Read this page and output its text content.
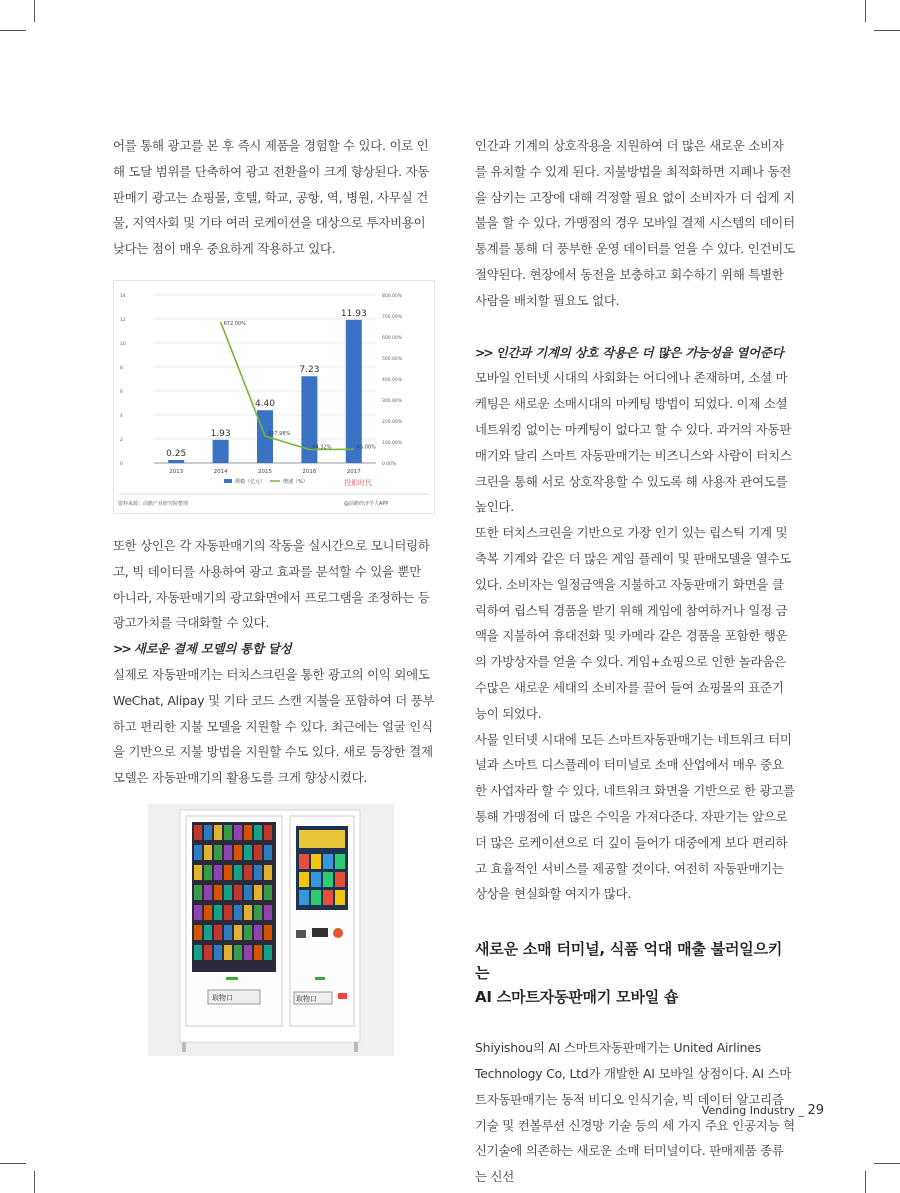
어를 통해 광고를 본 후 즉시 제품을 경험할 수 있다. 이로 인해 도달 범위를 단축하여 광고 전환율이 크게 향상된다. 자동판매기 광고는 쇼핑몰, 호텔, 학교, 공항, 역, 병원, 사무실 건물, 지역사회 및 기타 여러 로케이션을 대상으로 투자비용이 낮다는 점이 매우 중요하게 작용하고 있다.

0
2
4
6
8
10
12
14
0.00%
100.00%
200.00%
300.00%
400.00%
500.00%
600.00%
700.00%
800.00%
0.25
2013
1.93
2014
4.40
2015
7.23
2016
11.93
2017
672.00%
127.98%
64.32%	65.00%
规模（亿元）	增速（%）	投影时代
资料来源：前瞻产业研究院整理	@前瞻经济学人APP

또한 상인은 각 자동판매기의 작동을 실시간으로 모니터링하고, 빅 데이터를 사용하여 광고 효과를 분석할 수 있을 뿐만 아니라, 자동판매기의 광고화면에서 프로그램을 조정하는 등 광고가치를 극대화할 수 있다.

>> 새로운 결제 모델의 통합 달성

실제로 자동판매기는 터치스크린을 통한 광고의 이익 외에도 WeChat, Alipay 및 기타 코드 스캔 지불을 포함하여 더 풍부하고 편리한 지불 모델을 지원할 수 있다. 최근에는 얼굴 인식을 기반으로 지불 방법을 지원할 수도 있다. 새로 등장한 결제 모델은 자동판매기의 활용도를 크게 향상시켰다.

取物口	取物口

인간과 기계의 상호작용을 지원하여 더 많은 새로운 소비자를 유치할 수 있게 된다. 지불방법을 최적화하면 지폐나 동전을 삼키는 고장에 대해 걱정할 필요 없이 소비자가 더 쉽게 지불을 할 수 있다. 가맹점의 경우 모바일 결제 시스템의 데이터 통계를 통해 더 풍부한 운영 데이터를 얻을 수 있다. 인건비도 절약된다. 현장에서 동전을 보충하고 회수하기 위해 특별한 사람을 배치할 필요도 없다.

>> 인간과 기계의 상호 작용은 더 많은 가능성을 열어준다

모바일 인터넷 시대의 사회화는 어디에나 존재하며, 소셜 마케팅은 새로운 소매시대의 마케팅 방법이 되었다. 이제 소셜 네트워킹 없이는 마케팅이 없다고 할 수 있다. 과거의 자동판매기와 달리 스마트 자동판매기는 비즈니스와 사람이 터치스크린을 통해 서로 상호작용할 수 있도록 해 사용자 관여도를 높인다.

또한 터치스크린을 기반으로 가장 인기 있는 립스틱 기계 및 축복 기계와 같은 더 많은 게임 플레이 및 판매모델을 열수도 있다. 소비자는 일정금액을 지불하고 자동판매기 화면을 클릭하여 립스틱 경품을 받기 위해 게임에 참여하거나 일정 금액을 지불하여 휴대전화 및 카메라 같은 경품을 포함한 행운의 가방상자를 얻을 수 있다. 게임+쇼핑으로 인한 놀라움은 수많은 새로운 세대의 소비자를 끌어 들여 쇼핑몰의 표준기능이 되었다.

사물 인터넷 시대에 모든 스마트자동판매기는 네트워크 터미널과 스마트 디스플레이 터미널로 소매 산업에서 매우 중요한 사업자라 할 수 있다. 네트워크 화면을 기반으로 한 광고를 통해 가맹점에 더 많은 수익을 가져다준다. 자판기는 앞으로 더 많은 로케이션으로 더 깊이 들어가 대중에게 보다 편리하고 효율적인 서비스를 제공할 것이다. 여전히 자동판매기는 상상을 현실화할 여지가 많다.

새로운 소매 터미널, 식품 억대 매출 불러일으키는

AI 스마트자동판매기 모바일 숍

Shiyishou의 AI 스마트자동판매기는 United Airlines Technology Co, Ltd가 개발한 AI 모바일 상점이다. AI 스마트자동판매기는 동적 비디오 인식기술, 빅 데이터 알고리즘 기술 및 컨볼루션 신경망 기술 등의 세 가지 주요 인공지능 혁신기술에 의존하는 새로운 소매 터미널이다. 판매제품 종류는 신선

Vending Industry _ 29
